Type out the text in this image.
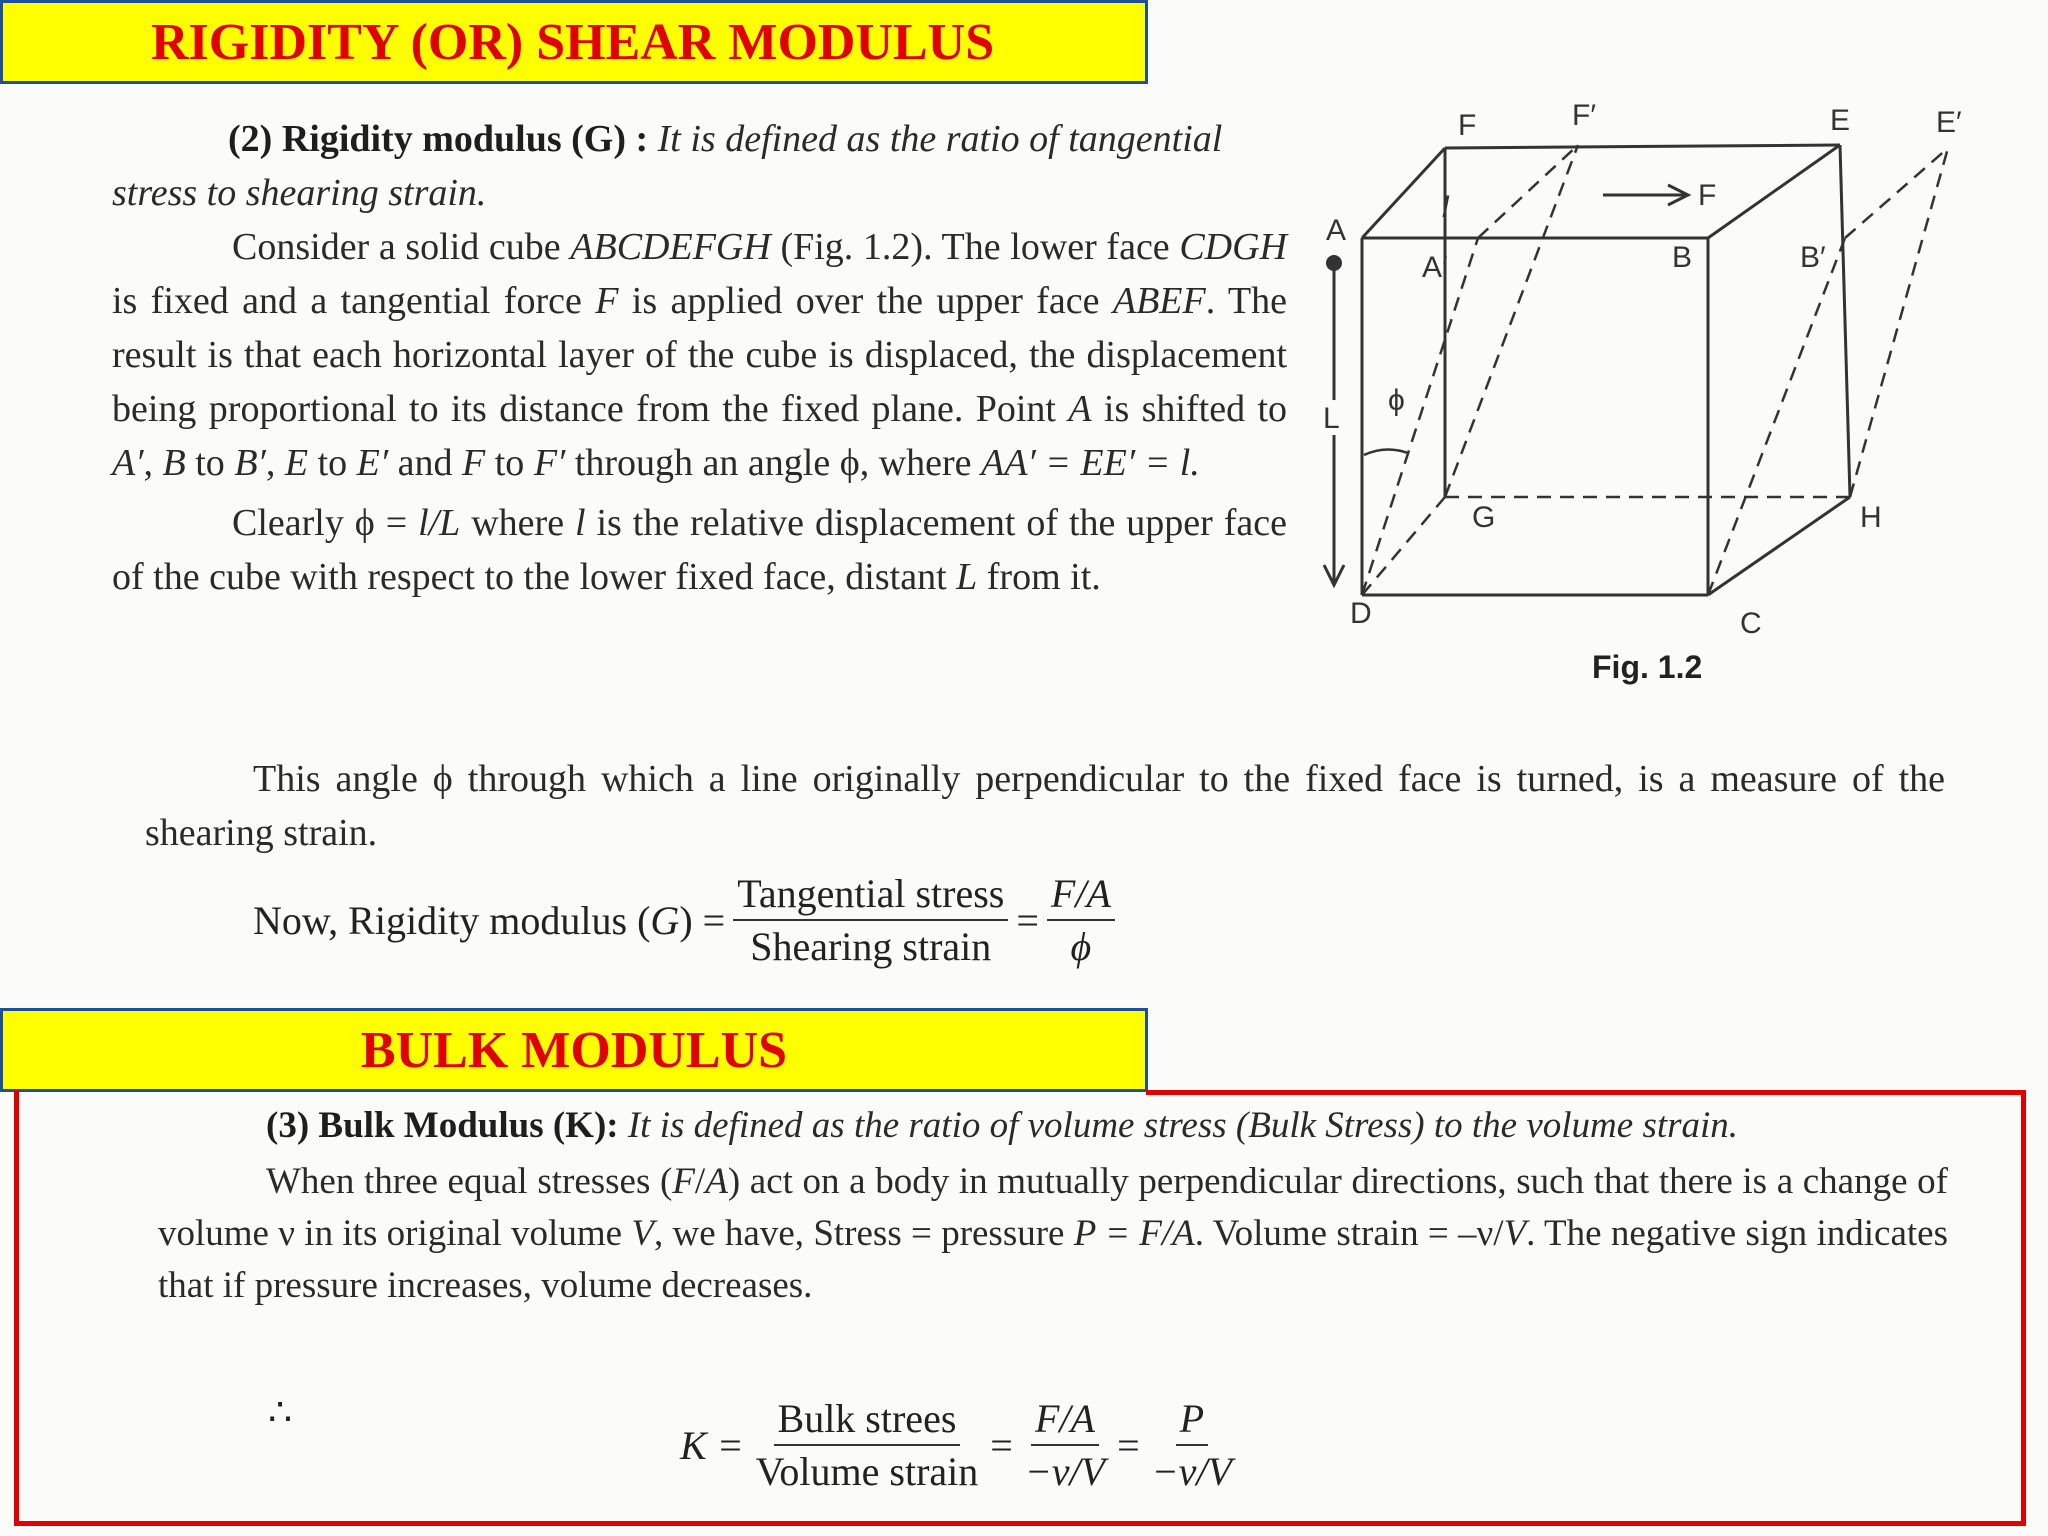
RIGIDITY (OR) SHEAR MODULUS

(2) Rigidity modulus (G) : It is defined as the ratio of tangential stress to shearing strain.

Consider a solid cube ABCDEFGH (Fig. 1.2). The lower face CDGH is fixed and a tangential force F is applied over the upper face ABEF. The result is that each horizontal layer of the cube is displaced, the displacement being proportional to its distance from the fixed plane. Point A is shifted to A′, B to B′, E to E′ and F to F′ through an angle ϕ, where AA′ = EE′ = l.

Clearly ϕ = l/L where l is the relative displacement of the upper face of the cube with respect to the lower fixed face, distant L from it.

A
B
C
D
E
F
G	H
A′	B′
E′
F′
l
L
ϕ
F
Fig. 1.2

This angle ϕ through which a line originally perpendicular to the fixed face is turned, is a measure of the shearing strain.

Now, Rigidity modulus ( G ) = $\frac{\text{Tangential stress}}{\text{Shearing strain}} = \frac{F/A}{\phi}$
BULK MODULUS

(3) Bulk Modulus (K): It is defined as the ratio of volume stress (Bulk Stress) to the volume strain.

When three equal stresses (F/A) act on a body in mutually perpendicular directions, such that there is a change of volume ν in its original volume V, we have, Stress = pressure P = F/A. Volume strain = –ν/V. The negative sign indicates that if pressure increases, volume decreases.

∴
$K = \frac{\text{Bulk strees}}{\text{Volume strain}} = \frac{F/A}{-\nu/V} = \frac{P}{-\nu/V}$
